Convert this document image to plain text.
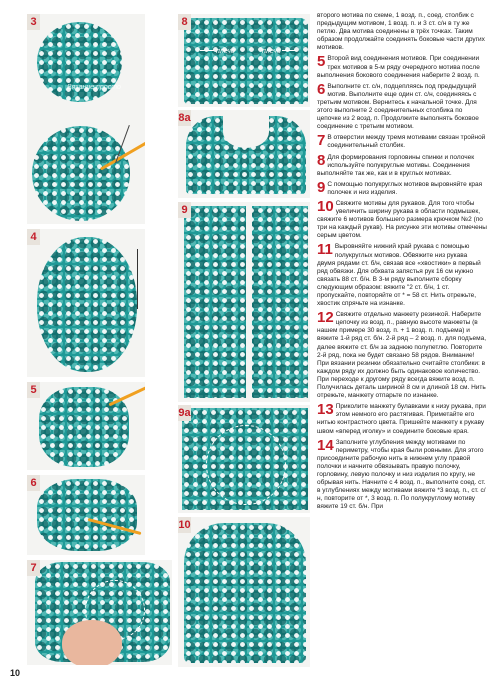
3
Вязание просто
4
5
6
7
плечо	плечо
8
8a
9
9a
10

второго мотива по схеме, 1 возд. п., соед. столбик с предыдущим мотивом, 1 возд. п. и 3 ст. с/н в ту же петлю. Два мотива соединены в трёх точках. Таким образом продолжайте соединять боковые части других мотивов.

5 Второй вид соединения мотивов. При соединении трех мотивов в 5-м ряду очередного мотива после выполнения бокового соединения наберите 2 возд. п.

6 Выполните ст. с/н, подцепляясь под предыдущий мотив. Выполните еще один ст. с/н, соединяясь с третьим мотивом. Вернитесь к начальной точке. Для этого выполните 2 соединительных столбика по цепочке из 2 возд. п. Продолжите выполнять боковое соединение с третьим мотивом.

7 В отверстии между тремя мотивами связан тройной соединительный столбик.

8 Для формирования горловины спинки и полочек используйте полукруглые мотивы. Соединения выполняйте так же, как и в круглых мотивах.

9 С помощью полукруглых мотивов выровняйте края полочек и низ изделия.

10 Свяжите мотивы для рукавов. Для того чтобы увеличить ширину рукава в области подмышек, свяжите 6 мотивов большего размера крючком №2 (по три на каждый рукав). На рисунке эти мотивы отмечены серым цветом.

11 Выровняйте нижний край рукава с помощью полукруглых мотивов. Обвяжите низ рукава двумя рядами ст. б/н, связав все «хвостики» в первый ряд обвязки. Для обхвата запястья рук 16 см нужно связать 88 ст. б/н. В 3-м ряду выполните сборку следующим образом: вяжите "2 ст. б/н, 1 ст. пропускайте, повторяйте от * = 58 ст. Нить отрежьте, хвостик спрячьте на изнанке.

12 Свяжите отдельно манжету резинкой. Наберите цепочку из возд. п., равную высоте манжеты (в нашем примере 30 возд. п. + 1 возд. п. подъема) и вяжите 1-й ряд ст. б/н. 2-й ряд – 2 возд. п. для подъема, далее вяжите ст. б/н за заднюю полупетлю. Повторите 2-й ряд, пока не будет связано 58 рядов. Внимание! При вязании резинки обязательно считайте столбики: в каждом ряду их должно быть одинаковое количество. При переходе к другому ряду всегда вяжите возд. п. Получилась деталь шириной 8 см и длиной 18 см. Нить отрежьте, манжету отпарьте по изнанке.

13 Приколите манжету булавками к низу рукава, при этом немного его растягивая. Приметайте его нитью контрастного цвета. Пришейте манжету к рукаву швом «вперед иголку» и соедините боковые края.

14 Заполните углубления между мотивами по периметру, чтобы края были ровными. Для этого присоедините рабочую нить в нижнем углу правой полочки и начните обвязывать правую полочку, горловину, левую полочку и низ изделия по кругу, не обрывая нить. Начните с 4 возд. п., выполните соед. ст. в углублениях между мотивами вяжите *3 возд. п., ст. с/н, повторите от *, 3 возд. п. По полукруглому мотиву вяжите 19 ст. б/н. При

10
